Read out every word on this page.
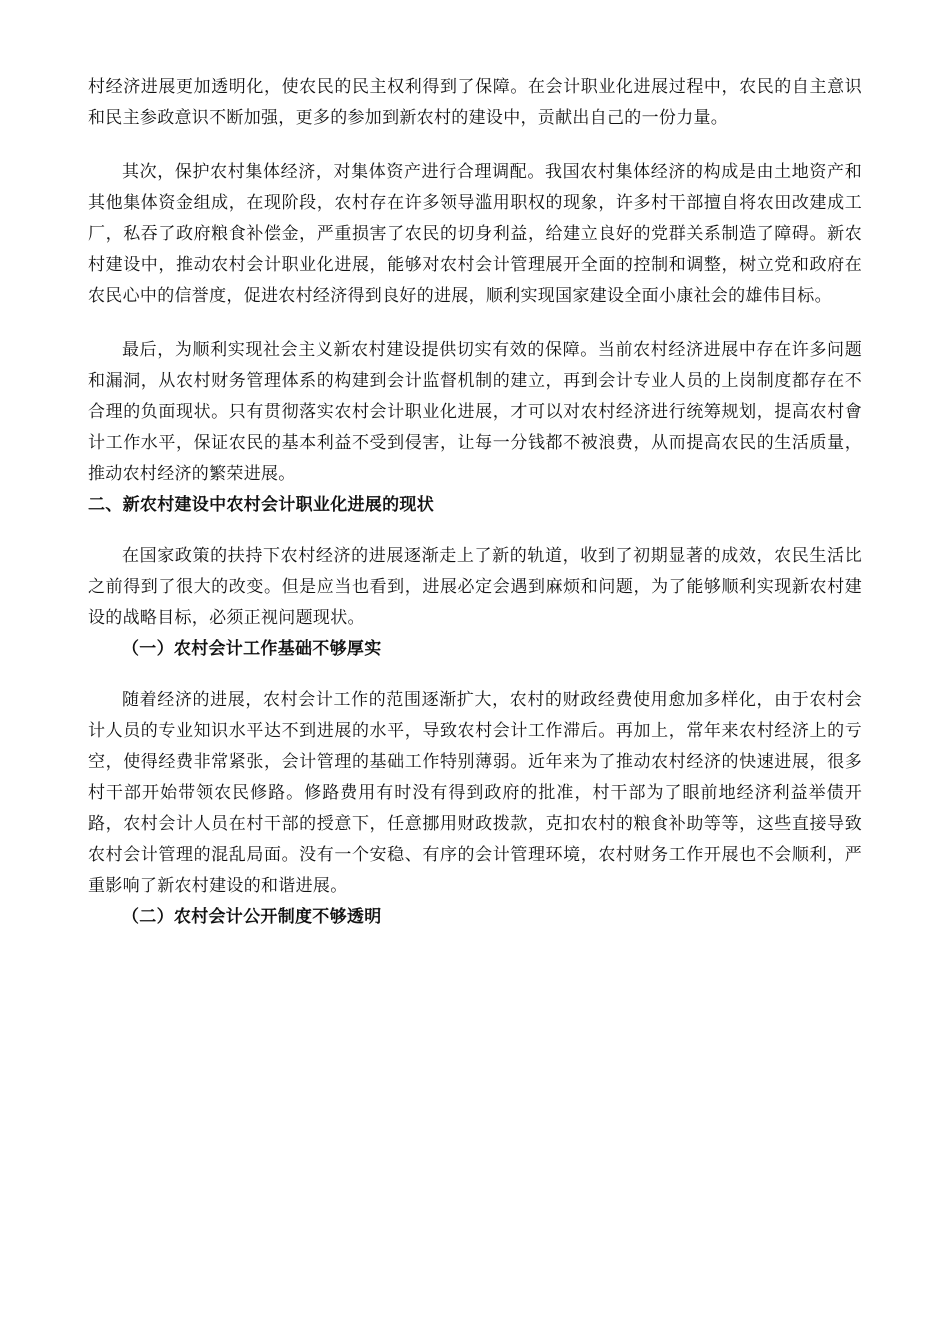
村经济进展更加透明化，使农民的民主权利得到了保障。在会计职业化进展过程中，农民的自主意识和民主参政意识不断加强，更多的参加到新农村的建设中，贡献出自己的一份力量。

其次，保护农村集体经济，对集体资产进行合理调配。我国农村集体经济的构成是由土地资产和其他集体资金组成，在现阶段，农村存在许多领导滥用职权的现象，许多村干部擅自将农田改建成工厂，私吞了政府粮食补偿金，严重损害了农民的切身利益，给建立良好的党群关系制造了障碍。新农村建设中，推动农村会计职业化进展，能够对农村会计管理展开全面的控制和调整，树立党和政府在农民心中的信誉度，促进农村经济得到良好的进展，顺利实现国家建设全面小康社会的雄伟目标。

最后，为顺利实现社会主义新农村建设提供切实有效的保障。当前农村经济进展中存在许多问题和漏洞，从农村财务管理体系的构建到会计监督机制的建立，再到会计专业人员的上岗制度都存在不合理的负面现状。只有贯彻落实农村会计职业化进展，才可以对农村经济进行统筹规划，提高农村會计工作水平，保证农民的基本利益不受到侵害，让每一分钱都不被浪费，从而提高农民的生活质量，推动农村经济的繁荣进展。

二、新农村建设中农村会计职业化进展的现状

在国家政策的扶持下农村经济的进展逐渐走上了新的轨道，收到了初期显著的成效，农民生活比之前得到了很大的改变。但是应当也看到，进展必定会遇到麻烦和问题，为了能够顺利实现新农村建设的战略目标，必须正视问题现状。

（一）农村会计工作基础不够厚实

随着经济的进展，农村会计工作的范围逐渐扩大，农村的财政经费使用愈加多样化，由于农村会计人员的专业知识水平达不到进展的水平，导致农村会计工作滞后。再加上，常年来农村经济上的亏空，使得经费非常紧张，会计管理的基础工作特别薄弱。近年来为了推动农村经济的快速进展，很多村干部开始带领农民修路。修路费用有时没有得到政府的批准，村干部为了眼前地经济利益举债开路，农村会计人员在村干部的授意下，任意挪用财政拨款，克扣农村的粮食补助等等，这些直接导致农村会计管理的混乱局面。没有一个安稳、有序的会计管理环境，农村财务工作开展也不会顺利，严重影响了新农村建设的和谐进展。

（二）农村会计公开制度不够透明
